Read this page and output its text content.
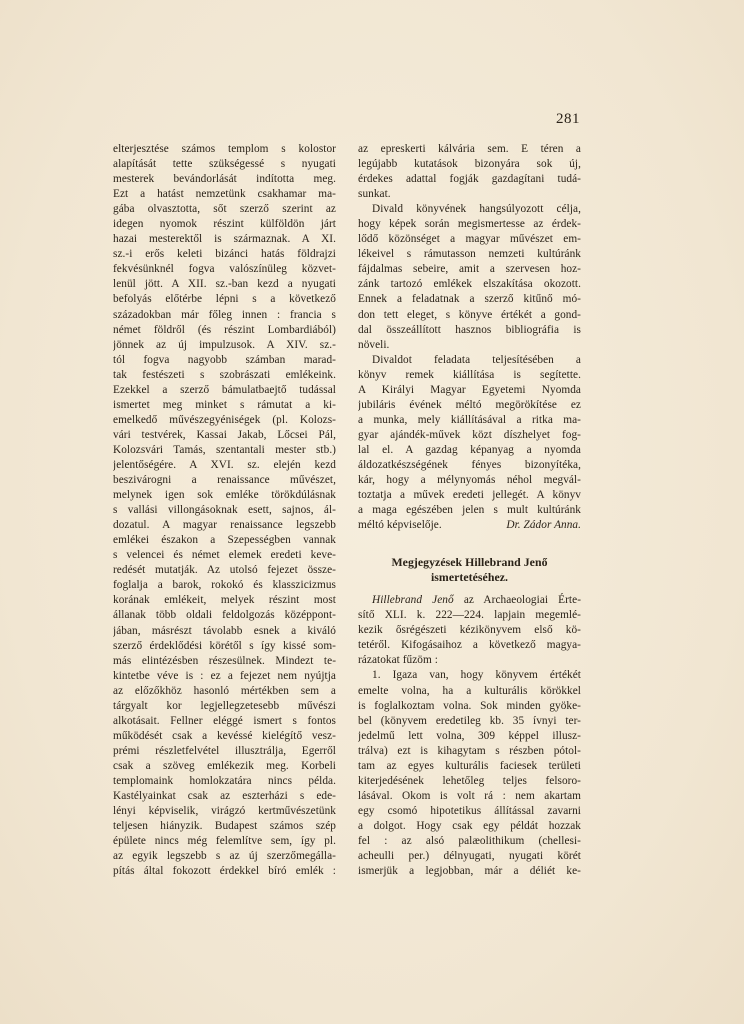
281
elterjesztése számos templom s kolostor
alapítását tette szükségessé s nyugati
mesterek bevándorlását indította meg.
Ezt a hatást nemzetünk csakhamar ma-
gába olvasztotta, sőt szerző szerint az
idegen nyomok részint külföldön járt
hazai mesterektől is származnak. A XI.
sz.-i erős keleti bizánci hatás földrajzi
fekvésünknél fogva valószínüleg közvet-
lenül jött. A XII. sz.-ban kezd a nyugati
befolyás előtérbe lépni s a következő
századokban már főleg innen : francia s
német földről (és részint Lombardiából)
jönnek az új impulzusok. A XIV. sz.-
tól fogva nagyobb számban marad-
tak festészeti s szobrászati emlékeink.
Ezekkel a szerző bámulatbaejtő tudással
ismertet meg minket s rámutat a ki-
emelkedő művészegyéniségek (pl. Kolozs-
vári testvérek, Kassai Jakab, Lőcsei Pál,
Kolozsvári Tamás, szentantali mester stb.)
jelentőségére. A XVI. sz. elején kezd
beszivárogni a renaissance művészet,
melynek igen sok emléke törökdúlásnak
s vallási villongásoknak esett, sajnos, ál-
dozatul. A magyar renaissance legszebb
emlékei északon a Szepességben vannak
s velencei és német elemek eredeti keve-
redését mutatják. Az utolsó fejezet össze-
foglalja a barok, rokokó és klasszicizmus
korának emlékeit, melyek részint most
állanak több oldali feldolgozás középpont-
jában, másrészt távolabb esnek a kiváló
szerző érdeklődési körétől s így kissé som-
más elintézésben részesülnek. Mindezt te-
kintetbe véve is : ez a fejezet nem nyújtja
az előzőkhöz hasonló mértékben sem a
tárgyalt kor legjellegzetesebb művészi
alkotásait. Fellner eléggé ismert s fontos
működését csak a kevéssé kielégítő vesz-
prémi részletfelvétel illusztrálja, Egerről
csak a szöveg emlékezik meg. Korbeli
templomaink homlokzatára nincs példa.
Kastélyainkat csak az eszterházi s ede-
lényi képviselik, virágzó kertművészetünk
teljesen hiányzik. Budapest számos szép
épülete nincs még felemlítve sem, így pl.
az egyik legszebb s az új szerzőmegálla-
pítás által fokozott érdekkel bíró emlék :
az epreskerti kálvária sem. E téren a
legújabb kutatások bizonyára sok új,
érdekes adattal fogják gazdagítani tudá-
sunkat.
Divald könyvének hangsúlyozott célja,
hogy képek során megismertesse az érdek-
lődő közönséget a magyar művészet em-
lékeivel s rámutasson nemzeti kultúránk
fájdalmas sebeire, amit a szervesen hoz-
zánk tartozó emlékek elszakítása okozott.
Ennek a feladatnak a szerző kitűnő mó-
don tett eleget, s könyve értékét a gond-
dal összeállított hasznos bibliográfia is
növeli.
Divaldot feladata teljesítésében a
könyv remek kiállítása is segítette.
A Királyi Magyar Egyetemi Nyomda
jubiláris évének méltó megörökítése ez
a munka, mely kiállításával a ritka ma-
gyar ajándék-művek közt díszhelyet fog-
lal el. A gazdag képanyag a nyomda
áldozatkészségének fényes bizonyítéka,
kár, hogy a mélynyomás néhol megvál-
toztatja a művek eredeti jellegét. A könyv
a maga egészében jelen s mult kultúránk
méltó képviselője.	Dr. Zádor Anna.
Megjegyzések Hillebrand Jenő
ismertetéséhez.
Hillebrand Jenő az Archaeologiai Érte-
sítő XLI. k. 222—224. lapjain megemlé-
kezik ősrégészeti kézikönyvem első kö-
tetéről. Kifogásaihoz a következő magya-
rázatokat fűzöm :
1. Igaza van, hogy könyvem értékét
emelte volna, ha a kulturális körökkel
is foglalkoztam volna. Sok minden gyöke-
bel (könyvem eredetileg kb. 35 ívnyi ter-
jedelmű lett volna, 309 képpel illusz-
trálva) ezt is kihagytam s részben pótol-
tam az egyes kulturális faciesek területi
kiterjedésének lehetőleg teljes felsoro-
lásával. Okom is volt rá : nem akartam
egy csomó hipotetikus állítással zavarni
a dolgot. Hogy csak egy példát hozzak
fel : az alsó palæolithikum (chellesi-
acheulli per.) délnyugati, nyugati körét
ismerjük a legjobban, már a déliét ke-
